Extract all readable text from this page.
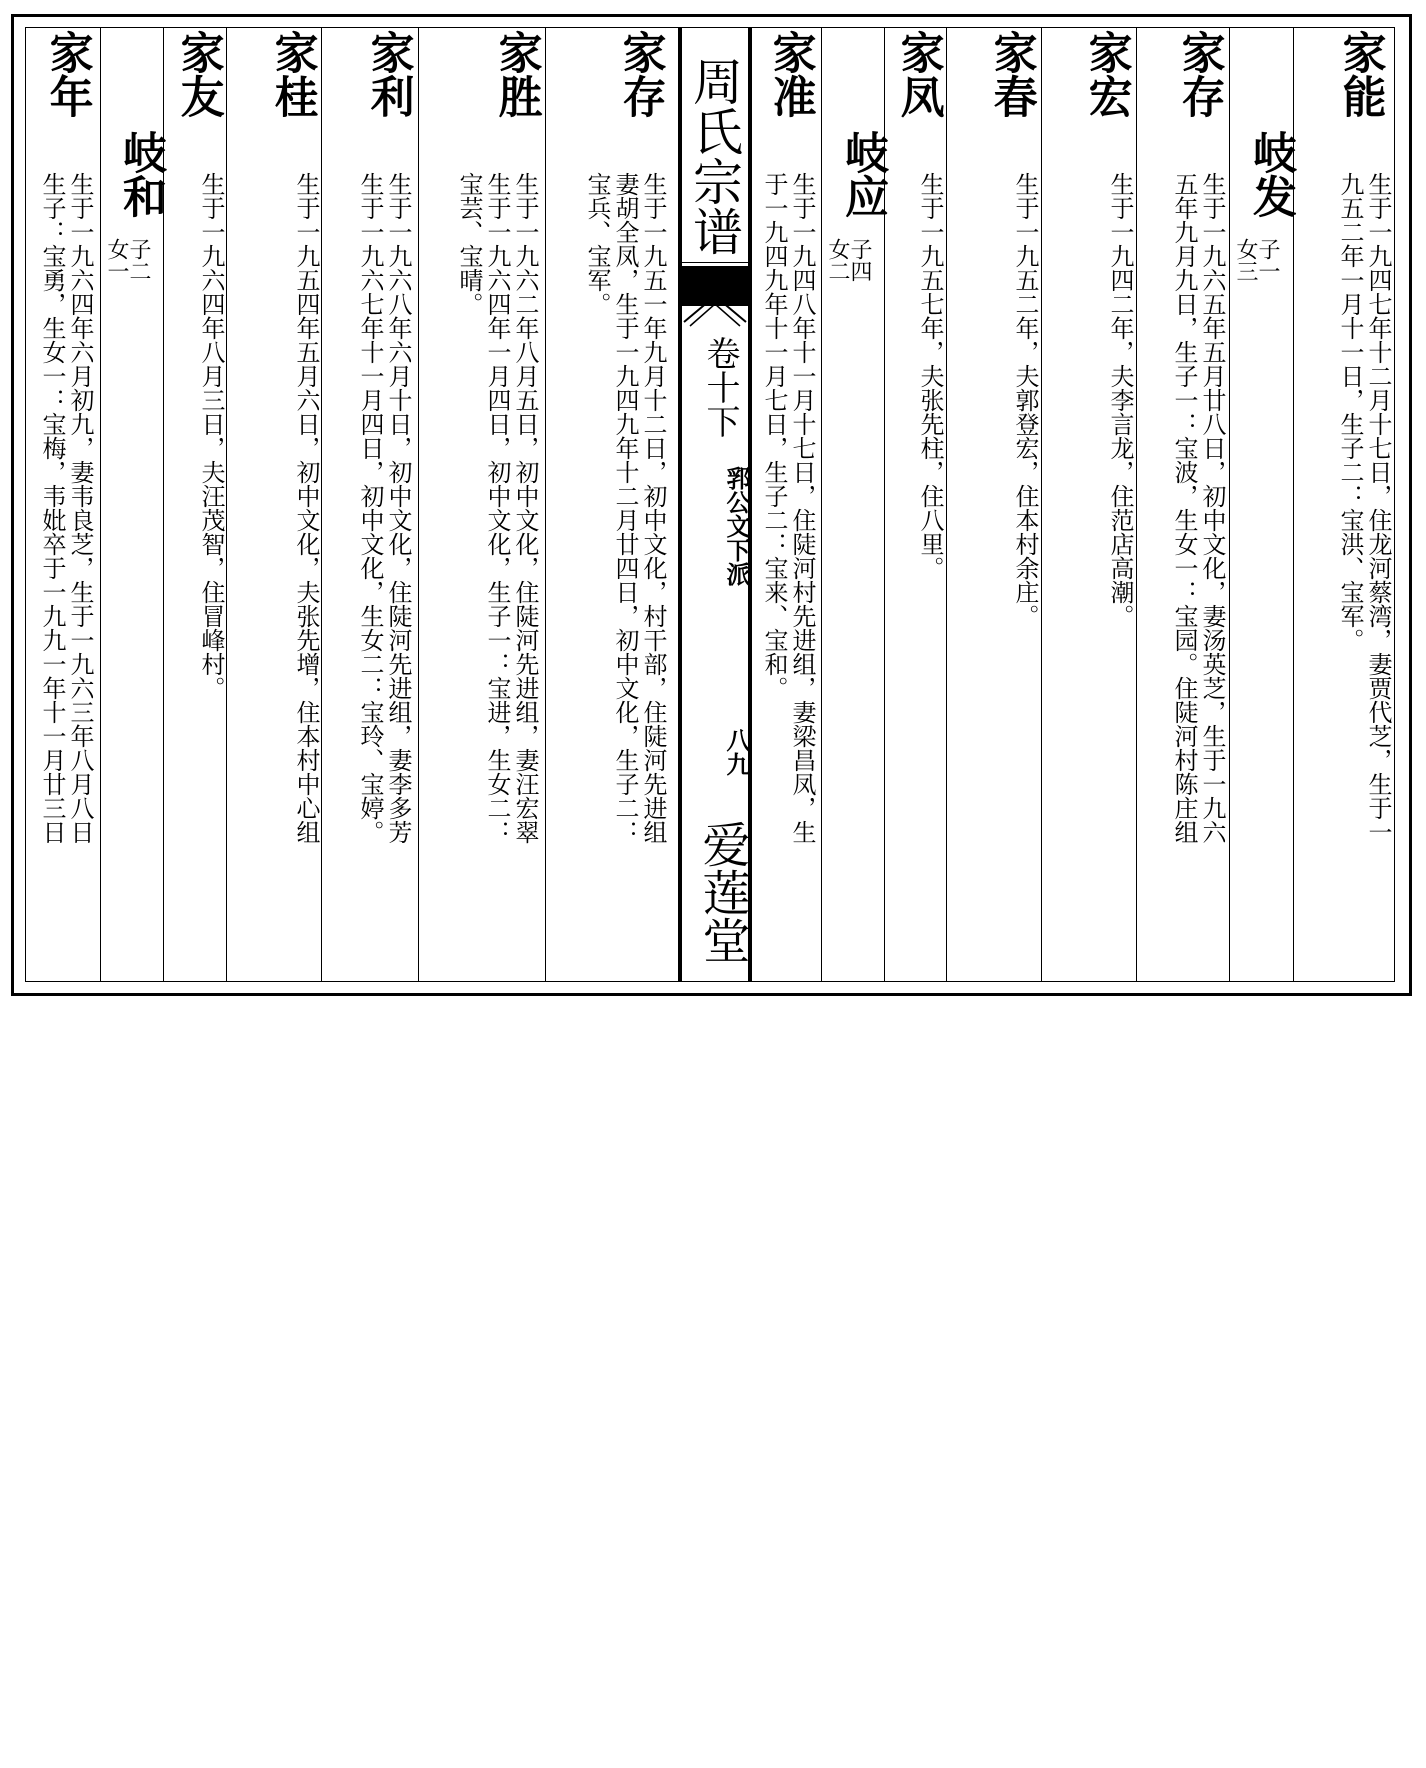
家能
生于一九四七年十二月十七日，住龙河蔡湾，妻贾代芝，生于一
九五二年一月十一日，生子二：宝洪、宝军。
岐发
子一
女三
家存
生于一九六五年五月廿八日，初中文化，妻汤英芝，生于一九六
五年九月九日，生子一：宝波，生女一：宝园。住陡河村陈庄组
家宏
生于一九四二年，夫李言龙，住范店高潮。
家春
生于一九五二年，夫郭登宏，住本村余庄。
家凤
生于一九五七年，夫张先柱，住八里。
岐应
子四
女二
家准
生于一九四八年十一月十七日，住陡河村先进组，妻梁昌凤，生
于一九四九年十一月七日，生子二：宝来、宝和。
周氏宗谱
卷十下
郛公文下派
八九
爱莲堂
家存
生于一九五一年九月十二日，初中文化，村干部，住陡河先进组
妻胡全凤，生于一九四九年十二月廿四日，初中文化，生子二：
宝兵、宝军。
家胜
生于一九六二年八月五日，初中文化，住陡河先进组，妻汪宏翠
生于一九六四年一月四日，初中文化，生子一：宝进，生女二：
宝芸、宝晴。
家利
生于一九六八年六月十日，初中文化，住陡河先进组，妻李多芳
生于一九六七年十一月四日，初中文化，生女二：宝玲、宝婷。
家桂
生于一九五四年五月六日，初中文化，夫张先增，住本村中心组
家友
生于一九六四年八月三日，夫汪茂智，住冒峰村。
岐和
子二
女一
家年
生于一九六四年六月初九，妻韦良芝，生于一九六三年八月八日
生子：宝勇，生女一：宝梅，韦妣卒于一九九一年十一月廿三日
